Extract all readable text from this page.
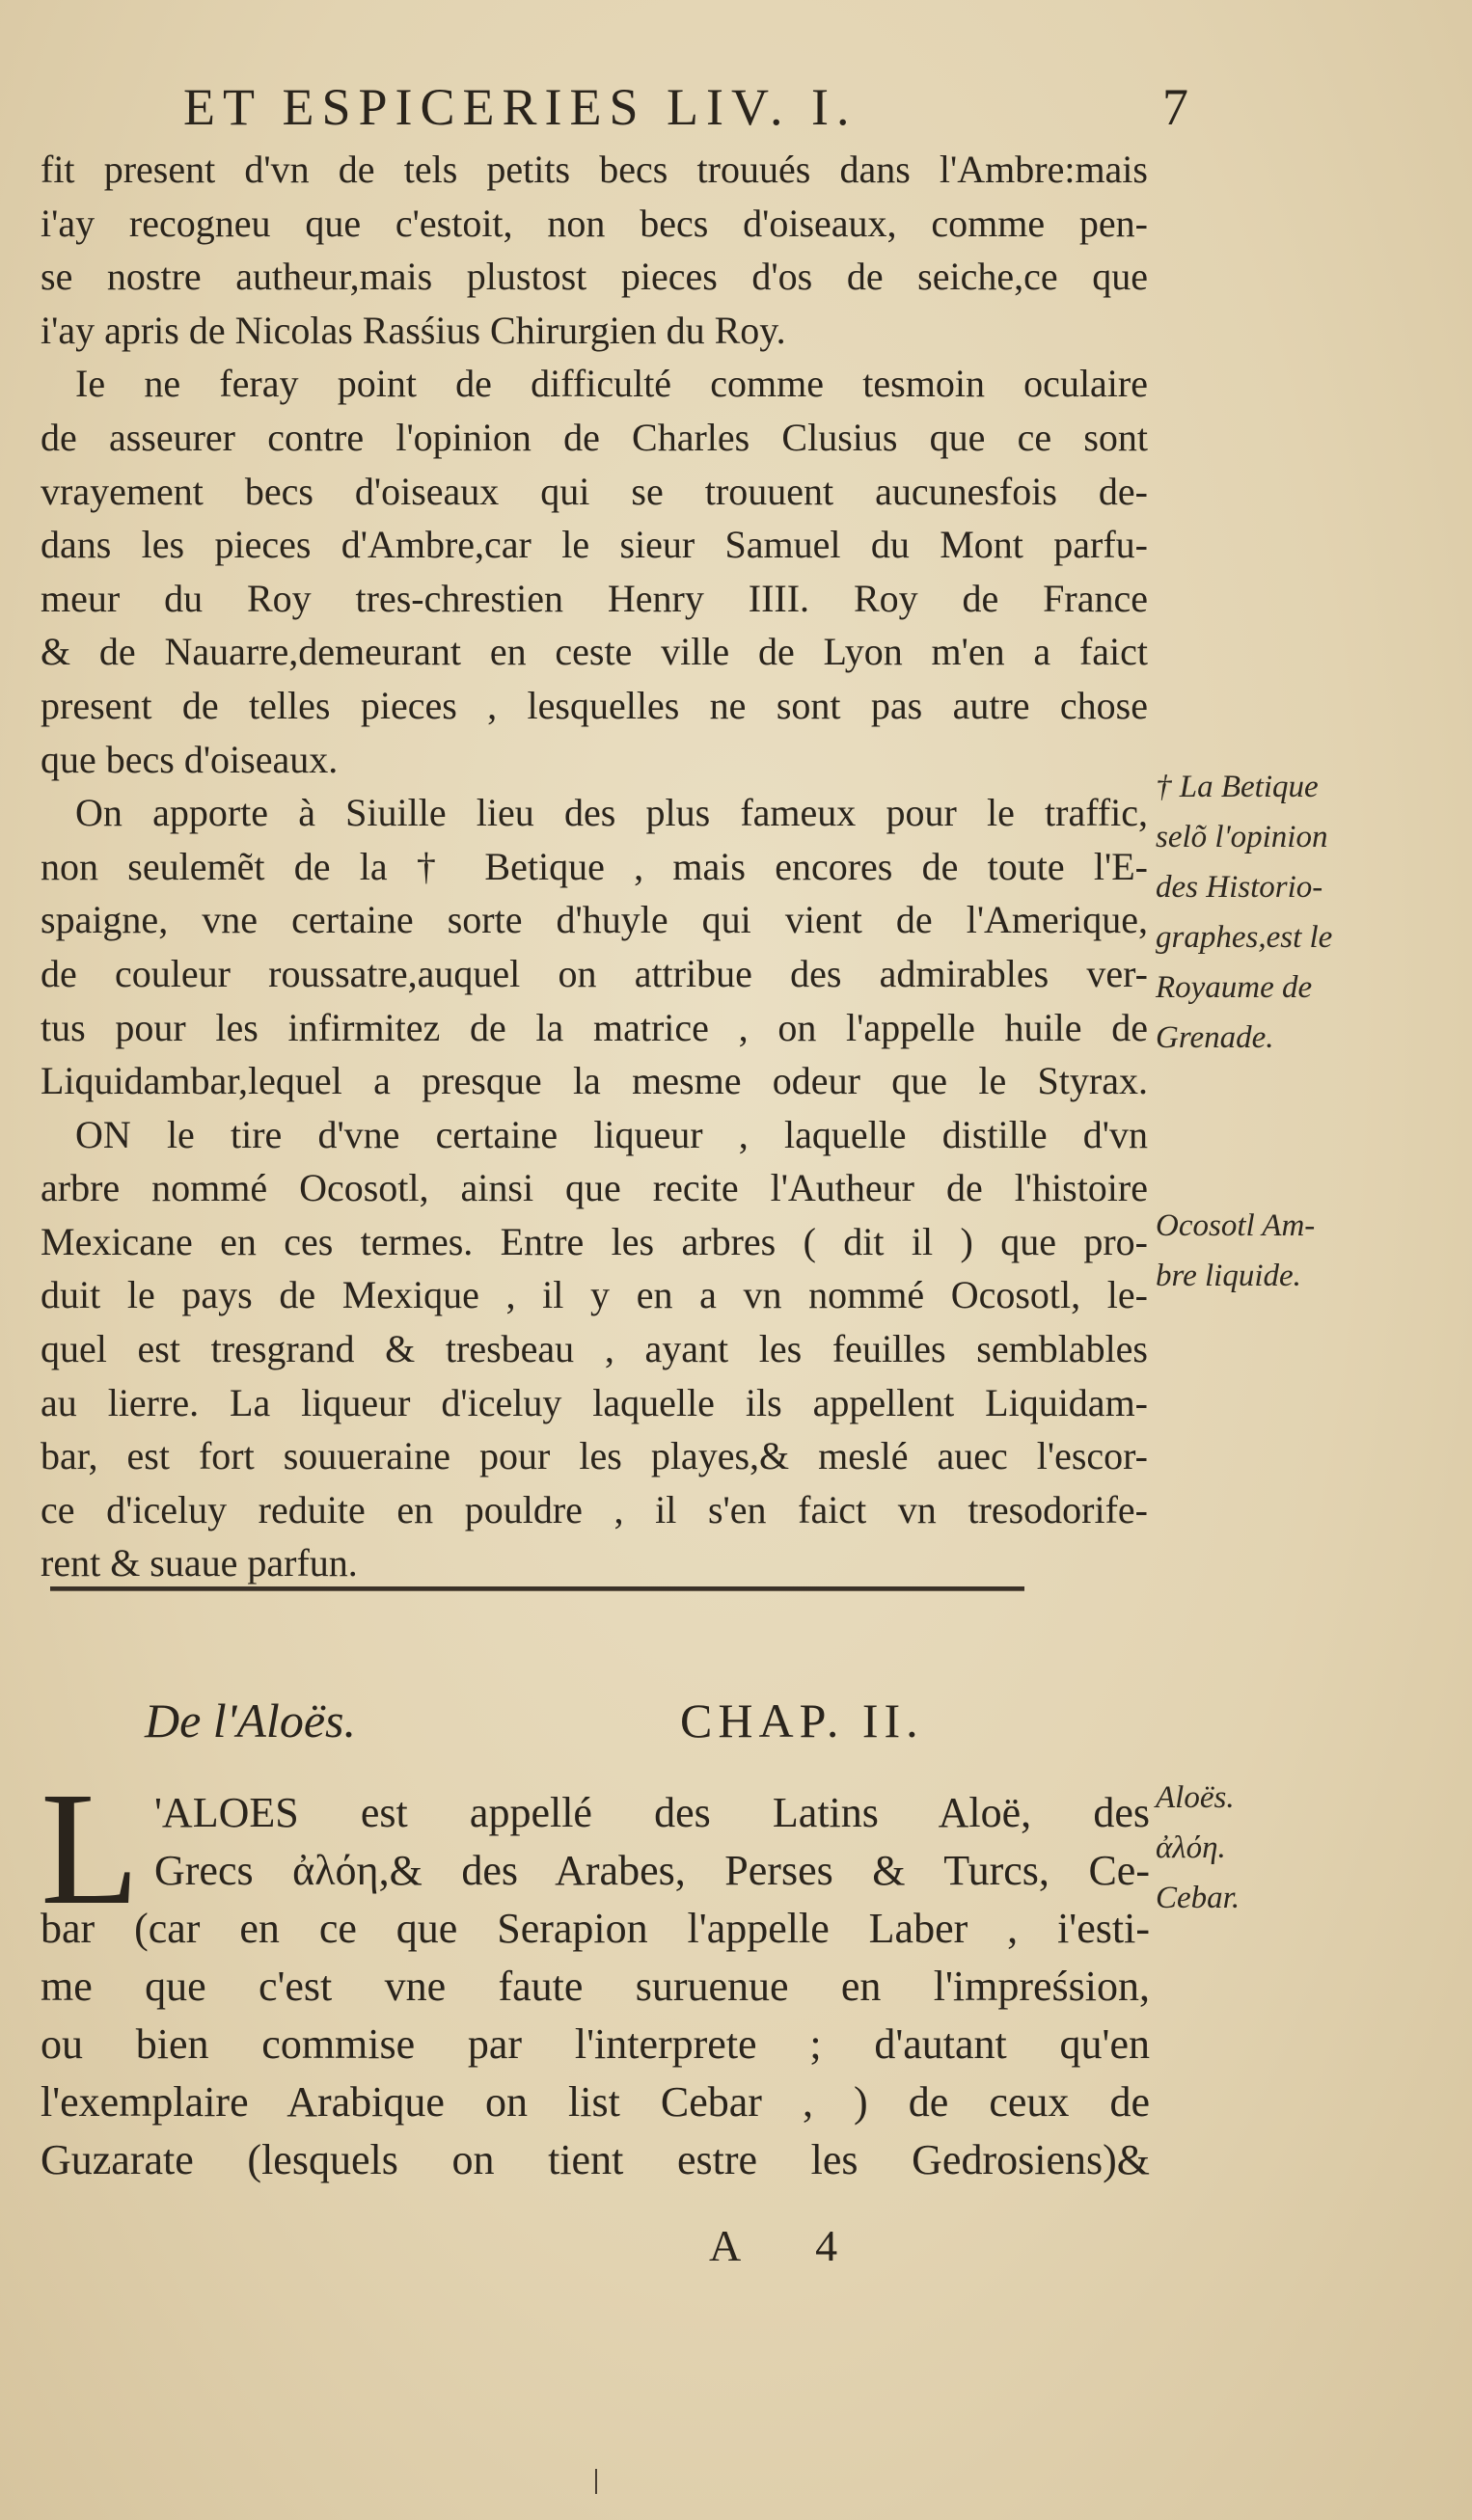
ET ESPICERIES LIV. I.	7
fit present d'vn de tels petits becs trouués dans l'Ambre:mais
i'ay recogneu que c'estoit, non becs d'oiseaux, comme pen-
se nostre autheur,mais plustost pieces d'os de seiche,ce que
i'ay apris de Nicolas Rasśius Chirurgien du Roy.
Ie ne feray point de difficulté comme tesmoin oculaire
de asseurer contre l'opinion de Charles Clusius que ce sont
vrayement becs d'oiseaux qui se trouuent aucunesfois de-
dans les pieces d'Ambre,car le sieur Samuel du Mont parfu-
meur du Roy tres-chrestien Henry IIII. Roy de France
& de Nauarre,demeurant en ceste ville de Lyon m'en a faict
present de telles pieces , lesquelles ne sont pas autre chose
que becs d'oiseaux.
On apporte à Siuille lieu des plus fameux pour le traffic,
non seulemẽt de la † Betique , mais encores de toute l'E-
spaigne, vne certaine sorte d'huyle qui vient de l'Amerique,
de couleur roussatre,auquel on attribue des admirables ver-
tus pour les infirmitez de la matrice , on l'appelle huile de
Liquidambar,lequel a presque la mesme odeur que le Styrax.
ON le tire d'vne certaine liqueur , laquelle distille d'vn
arbre nommé Ocosotl, ainsi que recite l'Autheur de l'histoire
Mexicane en ces termes. Entre les arbres ( dit il ) que pro-
duit le pays de Mexique , il y en a vn nommé Ocosotl, le-
quel est tresgrand & tresbeau , ayant les feuilles semblables
au lierre. La liqueur d'iceluy laquelle ils appellent Liquidam-
bar, est fort souueraine pour les playes,& meslé auec l'escor-
ce d'iceluy reduite en pouldre , il s'en faict vn tresodorife-
rent & suaue parfun.
† La Betique
selõ l'opinion
des Historio-
graphes,est le
Royaume de
Grenade.
Ocosotl Am-
bre liquide.
De l'Aloës.	CHAP. II.
L 'ALOES est appellé des Latins Aloë, des
Grecs ἀλόη,& des Arabes, Perses & Turcs, Ce-
bar (car en ce que Serapion l'appelle Laber , i'esti-
me que c'est vne faute suruenue en l'impreśsion,
ou bien commise par l'interprete ; d'autant qu'en
l'exemplaire Arabique on list Cebar , ) de ceux de
Guzarate (lesquels on tient estre les Gedrosiens)&
Aloës.
ἀλόη.
Cebar.
A 4
